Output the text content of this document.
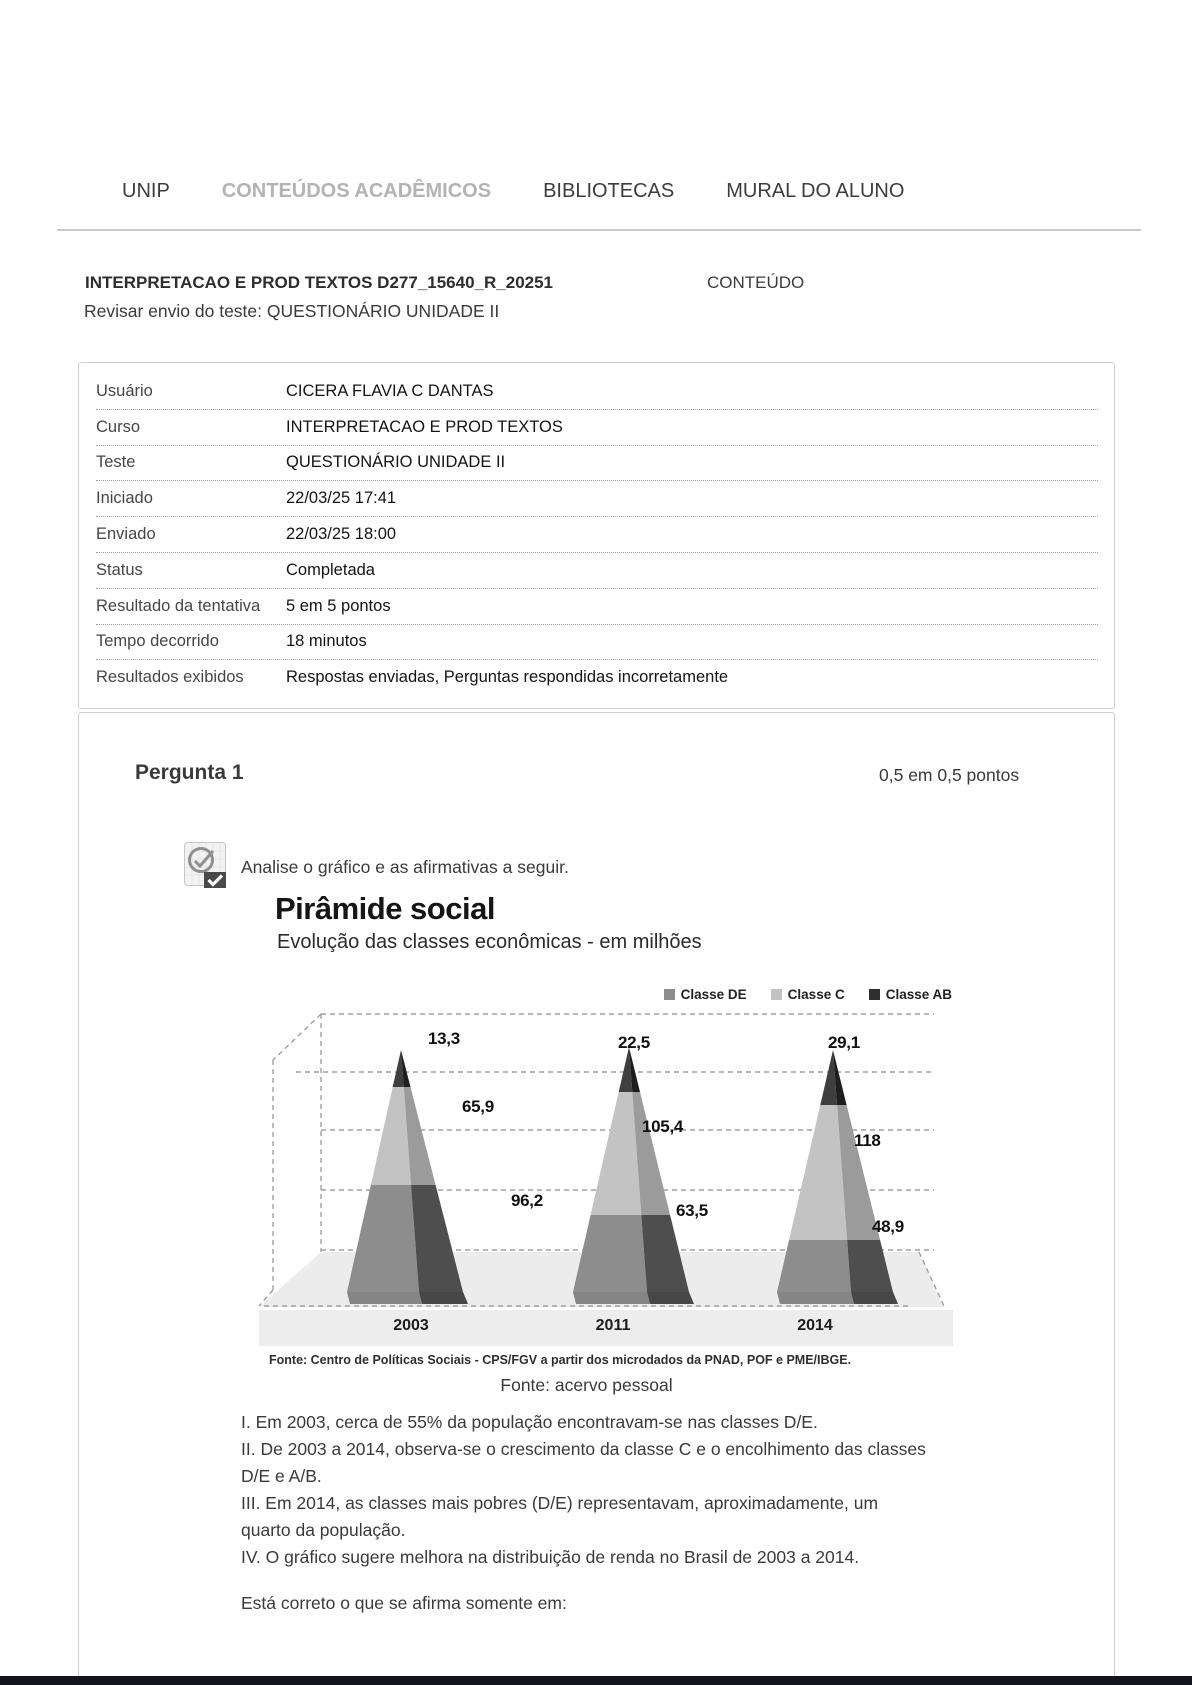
UNIP	CONTEÚDOS ACADÊMICOS	BIBLIOTECAS	MURAL DO ALUNO
INTERPRETACAO E PROD TEXTOS D277_15640_R_20251	CONTEÚDO
Revisar envio do teste: QUESTIONÁRIO UNIDADE II
Usuário	CICERA FLAVIA C DANTAS
Curso	INTERPRETACAO E PROD TEXTOS
Teste	QUESTIONÁRIO UNIDADE II
Iniciado	22/03/25 17:41
Enviado	22/03/25 18:00
Status	Completada
Resultado da tentativa	5 em 5 pontos
Tempo decorrido	18 minutos
Resultados exibidos	Respostas enviadas, Perguntas respondidas incorretamente
Pergunta 1	0,5 em 0,5 pontos
Analise o gráfico e as afirmativas a seguir.
Pirâmide social
Evolução das classes econômicas - em milhões
Classe DE	Classe C	Classe AB
13,3
65,9
96,2
22,5
105,4
63,5
29,1
118
48,9
2003	2011	2014
Fonte: Centro de Políticas Sociais - CPS/FGV a partir dos microdados da PNAD, POF e PME/IBGE.
Fonte: acervo pessoal

I. Em 2003, cerca de 55% da população encontravam-se nas classes D/E.

II. De 2003 a 2014, observa-se o crescimento da classe C e o encolhimento das classes D/E e A/B.

III. Em 2014, as classes mais pobres (D/E) representavam, aproximadamente, um quarto da população.

IV. O gráfico sugere melhora na distribuição de renda no Brasil de 2003 a 2014.

Está correto o que se afirma somente em:
